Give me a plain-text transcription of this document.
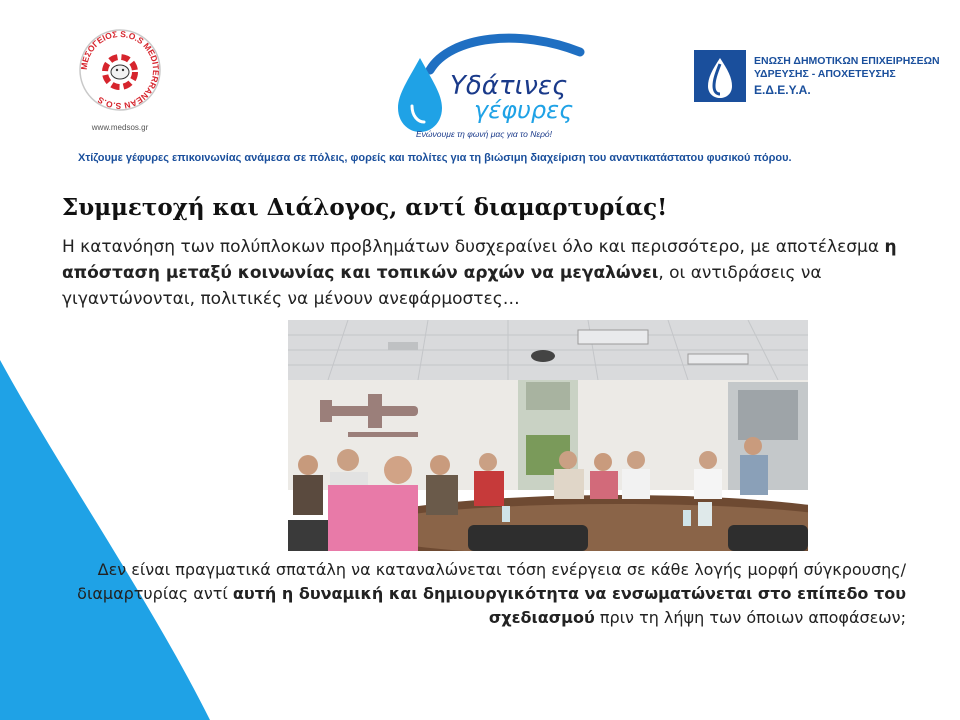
ΜΕΣΟΓΕΙΟΣ S.O.S MEDITERRANEAN S.O.S
www.medsos.gr
Υδάτινες
γέφυρες
Ενώνουμε τη φωνή μας για το Νερό!
ΕΝΩΣΗ ΔΗΜΟΤΙΚΩΝ ΕΠΙΧΕΙΡΗΣΕΩΝ
ΥΔΡΕΥΣΗΣ - ΑΠΟΧΕΤΕΥΣΗΣ
Ε.Δ.Ε.Υ.Α.
Χτίζουμε γέφυρες επικοινωνίας ανάμεσα σε πόλεις, φορείς και πολίτες για τη βιώσιμη διαχείριση του αναντικατάστατου φυσικού πόρου.
Συμμετοχή και Διάλογος, αντί διαμαρτυρίας!
Η κατανόηση των πολύπλοκων προβλημάτων δυσχεραίνει όλο και περισσότερο, με αποτέλεσμα η απόσταση μεταξύ κοινωνίας και τοπικών αρχών να μεγαλώνει, οι αντιδράσεις να γιγαντώνονται, πολιτικές να μένουν ανεφάρμοστες…
Δεν είναι πραγματικά σπατάλη να καταναλώνεται τόση ενέργεια σε κάθε λογής μορφή σύγκρουσης/ διαμαρτυρίας αντί αυτή η δυναμική και δημιουργικότητα να ενσωματώνεται στο επίπεδο του σχεδιασμού πριν τη λήψη των όποιων αποφάσεων;
